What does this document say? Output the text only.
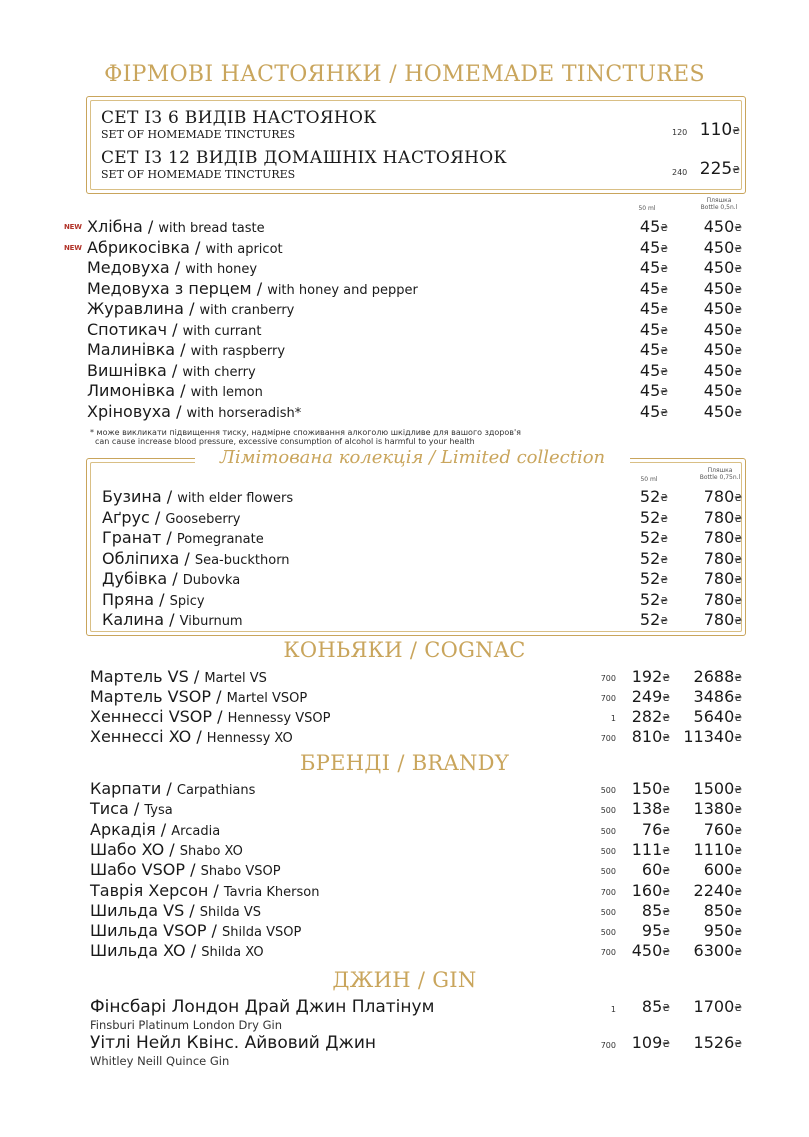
ФІРМОВІ НАСТОЯНКИ / HOMEMADE TINCTURES
СЕТ ІЗ 6 ВИДІВ НАСТОЯНОК
SET OF HOMEMADE TINCTURES	120 110₴
СЕТ ІЗ 12 ВИДІВ ДОМАШНІХ НАСТОЯНОК
SET OF HOMEMADE TINCTURES	240 225₴
50 ml
Пляшка
Bottle 0,5n.l
NEW Хлібна / with bread taste	45₴	450₴
NEW Абрикосівка / with apricot	45₴	450₴
Медовуха / with honey	45₴	450₴
Медовуха з перцем / with honey and pepper	45₴	450₴
Журавлина / with cranberry	45₴	450₴
Спотикач / with currant	45₴	450₴
Малинівка / with raspberry	45₴	450₴
Вишнівка / with cherry	45₴	450₴
Лимонівка / with lemon	45₴	450₴
Хріновуха / with horseradish*	45₴	450₴
* може викликати підвищення тиску, надмірне споживання алкоголю шкідливе для вашого здоров'я
can cause increase blood pressure, excessive consumption of alcohol is harmful to your health
Лімітована колекція / Limited collection
50 ml
Пляшка
Bottle 0,75n.l
Бузина / with elder flowers	52₴	780₴
Аґрус / Gooseberry	52₴	780₴
Гранат / Pomegranate	52₴	780₴
Обліпиха / Sea-buckthorn	52₴	780₴
Дубівка / Dubovka	52₴	780₴
Пряна / Spicy	52₴	780₴
Калина / Viburnum	52₴	780₴
КОНЬЯКИ / COGNAC
Мартель VS / Martel VS	700 192₴	2688₴
Мартель VSOP / Martel VSOP	700 249₴	3486₴
Хеннессі VSOP / Hennessy VSOP	1 282₴	5640₴
Хеннессі XO / Hennessy XO	700 810₴ 11340₴
БРЕНДІ / BRANDY
Карпати / Carpathians	500 150₴	1500₴
Тиса / Tysa	500 138₴	1380₴
Аркадія / Arcadia	500	76₴	760₴
Шабо XO / Shabo XO	500 111₴	1110₴
Шабо VSOP / Shabo VSOP	500	60₴	600₴
Таврія Херсон / Tavria Kherson	700 160₴	2240₴
Шильда VS / Shilda VS	500	85₴	850₴
Шильда VSOP / Shilda VSOP	500	95₴	950₴
Шильда XO / Shilda XO	700 450₴	6300₴
ДЖИН / GIN
Фінсбарі Лондон Драй Джин Платінум
Finsburi Platinum London Dry Gin
1	85₴	1700₴
Уітлі Нейл Квінс. Айвовий Джин
Whitley Neill Quince Gin
700 109₴	1526₴
